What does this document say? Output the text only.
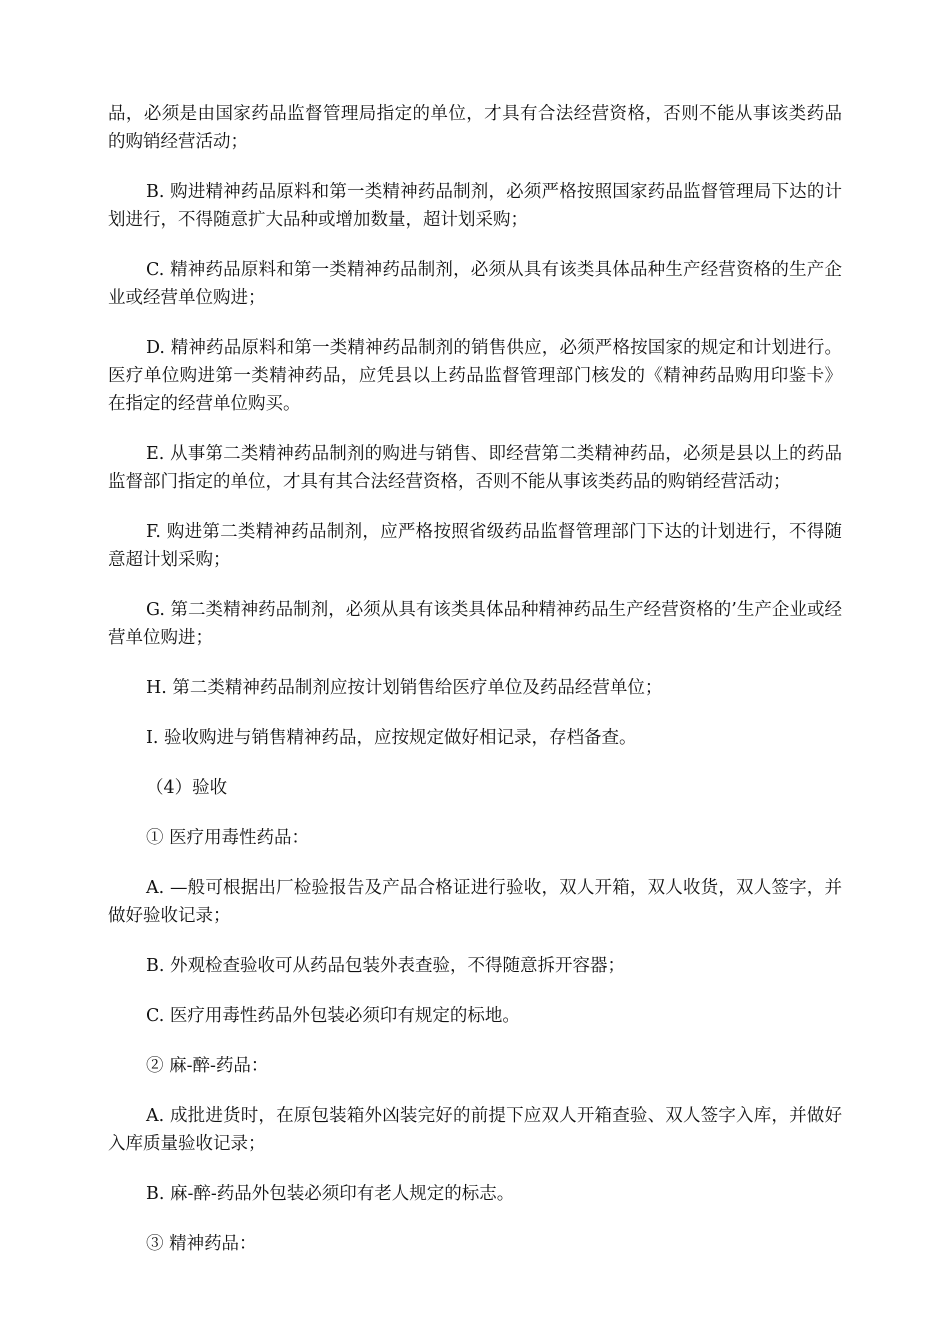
品，必须是由国家药品监督管理局指定的单位，才具有合法经营资格，否则不能从事该类药品的购销经营活动；

B. 购进精神药品原料和第一类精神药品制剂，必须严格按照国家药品监督管理局下达的计划进行，不得随意扩大品种或增加数量，超计划采购；

C. 精神药品原料和第一类精神药品制剂，必须从具有该类具体品种生产经营资格的生产企业或经营单位购进；

D. 精神药品原料和第一类精神药品制剂的销售供应，必须严格按国家的规定和计划进行。医疗单位购进第一类精神药品，应凭县以上药品监督管理部门核发的《精神药品购用印鉴卡》在指定的经营单位购买。

E. 从事第二类精神药品制剂的购进与销售、即经营第二类精神药品，必须是县以上的药品监督部门指定的单位，才具有其合法经营资格，否则不能从事该类药品的购销经营活动；

F. 购进第二类精神药品制剂，应严格按照省级药品监督管理部门下达的计划进行，不得随意超计划采购；

G. 第二类精神药品制剂，必须从具有该类具体品种精神药品生产经营资格的’生产企业或经营单位购进；

H. 第二类精神药品制剂应按计划销售给医疗单位及药品经营单位；

I. 验收购进与销售精神药品，应按规定做好相记录，存档备查。

（4）验收

① 医疗用毒性药品：

A. —般可根据出厂检验报告及产品合格证进行验收，双人开箱，双人收货，双人签字，并做好验收记录；

B. 外观检查验收可从药品包装外表查验，不得随意拆开容器；

C. 医疗用毒性药品外包装必须印有规定的标地。

② 麻-醉-药品：

A. 成批进货时，在原包装箱外凶装完好的前提下应双人开箱查验、双人签字入库，并做好入库质量验收记录；

B. 麻-醉-药品外包装必须印有老人规定的标志。

③ 精神药品：
